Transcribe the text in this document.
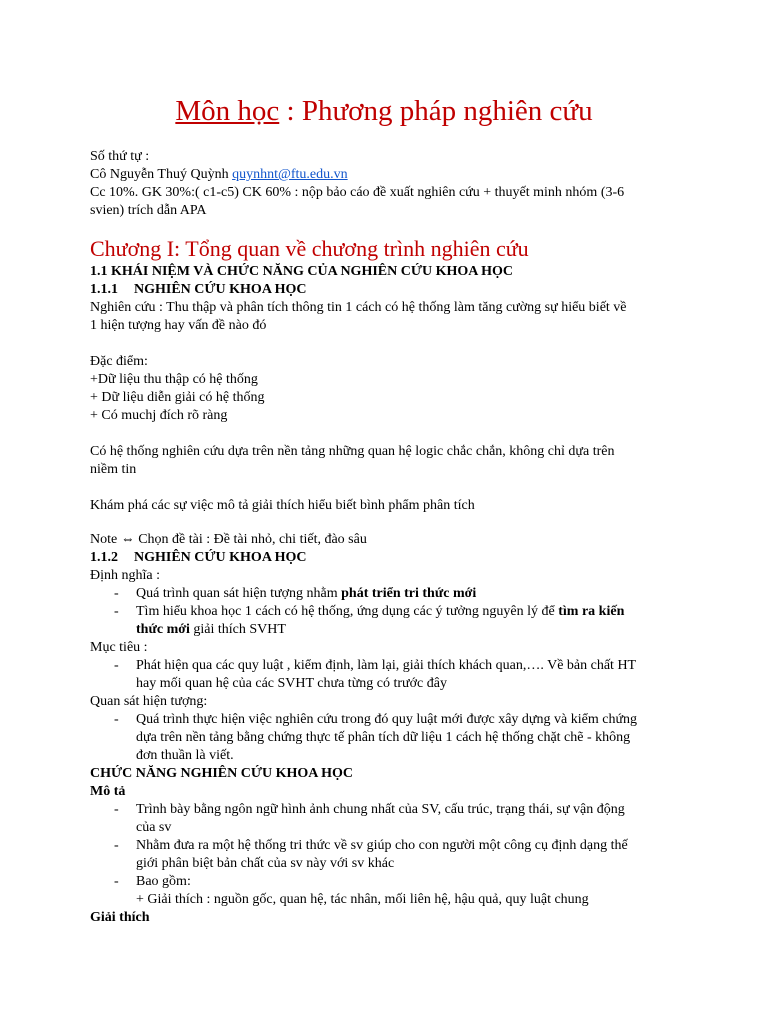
Môn học : Phương pháp nghiên cứu
Số thứ tự :
Cô Nguyễn Thuý Quỳnh quynhnt@ftu.edu.vn
Cc 10%. GK 30%:( c1-c5) CK 60% : nộp bảo cáo đề xuất nghiên cứu + thuyết minh nhóm (3-6
svien) trích dẫn APA
Chương I: Tổng quan về chương trình nghiên cứu
1.1 KHÁI NIỆM VÀ CHỨC NĂNG CỦA NGHIÊN CỨU KHOA HỌC
1.1.1 NGHIÊN CỨU KHOA HỌC
Nghiên cứu : Thu thập và phân tích thông tin 1 cách có hệ thống làm tăng cường sự hiểu biết về
1 hiện tượng hay vấn đề nào đó
Đặc điểm:
+Dữ liệu thu thập có hệ thống
+ Dữ liệu diễn giải có hệ thống
+ Có muchj đích rõ ràng
Có hệ thống nghiên cứu dựa trên nền tảng những quan hệ logic chắc chắn, không chỉ dựa trên
niềm tin
Khám phá các sự việc mô tả giải thích hiểu biết bình phẩm phân tích
Note ⇔ Chọn đề tài : Đề tài nhỏ, chi tiết, đào sâu
1.1.2 NGHIÊN CỨU KHOA HỌC
Định nghĩa :
- Quá trình quan sát hiện tượng nhằm phát triển tri thức mới
- Tìm hiểu khoa học 1 cách có hệ thống, ứng dụng các ý tưởng nguyên lý để tìm ra kiến
thức mới giải thích SVHT
Mục tiêu :
- Phát hiện qua các quy luật , kiểm định, làm lại, giải thích khách quan,…. Về bản chất HT
hay mối quan hệ của các SVHT chưa từng có trước đây
Quan sát hiện tượng:
- Quá trình thực hiện việc nghiên cứu trong đó quy luật mới được xây dựng và kiểm chứng
dựa trên nền tảng bằng chứng thực tế phân tích dữ liệu 1 cách hệ thống chặt chẽ - không
đơn thuần là viết.
CHỨC NĂNG NGHIÊN CỨU KHOA HỌC
Mô tả
- Trình bày bằng ngôn ngữ hình ảnh chung nhất của SV, cấu trúc, trạng thái, sự vận động
của sv
- Nhằm đưa ra một hệ thống tri thức về sv giúp cho con người một công cụ định dạng thế
giới phân biệt bản chất của sv này với sv khác
- Bao gồm:
+ Giải thích : nguồn gốc, quan hệ, tác nhân, mối liên hệ, hậu quả, quy luật chung
Giải thích
